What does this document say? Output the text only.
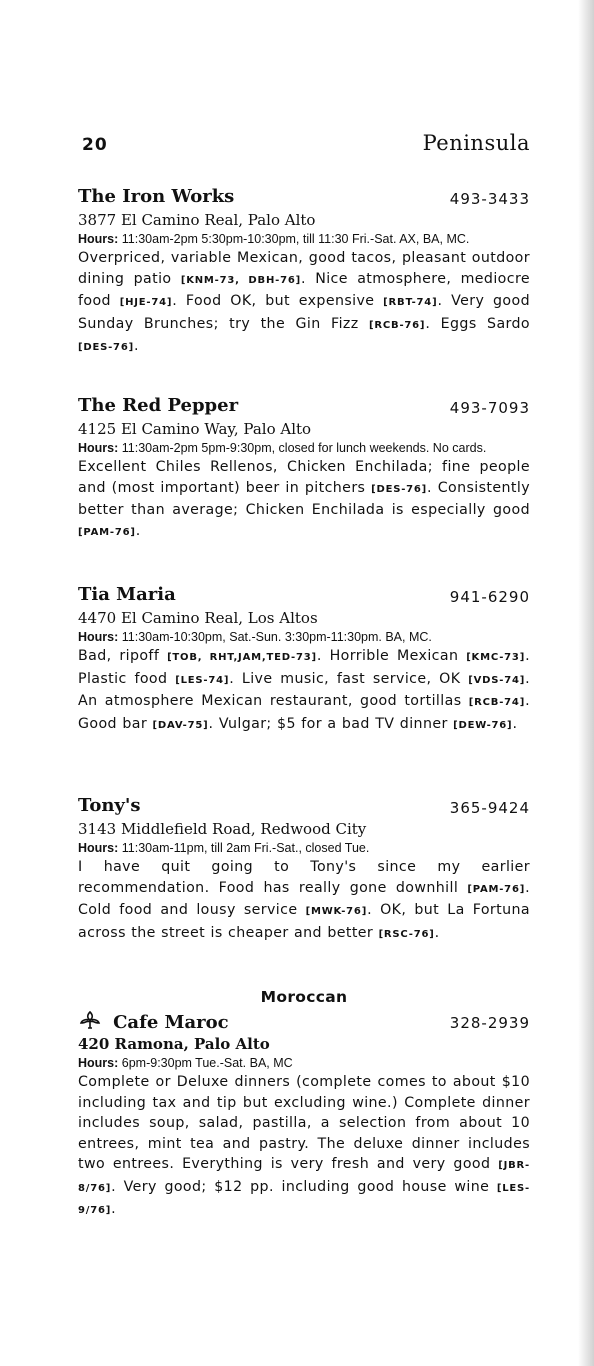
20	Peninsula
The Iron Works	493-3433
3877 El Camino Real, Palo Alto
Hours: 11:30am-2pm 5:30pm-10:30pm, till 11:30 Fri.-Sat. AX, BA, MC.
Overpriced, variable Mexican, good tacos, pleasant outdoor dining patio [KNM-73, DBH-76]. Nice atmosphere, mediocre food [HJE-74]. Food OK, but expensive [RBT-74]. Very good Sunday Brunches; try the Gin Fizz [RCB-76]. Eggs Sardo [DES-76].
The Red Pepper	493-7093
4125 El Camino Way, Palo Alto
Hours: 11:30am-2pm 5pm-9:30pm, closed for lunch weekends. No cards.
Excellent Chiles Rellenos, Chicken Enchilada; fine people and (most important) beer in pitchers [DES-76]. Consistently better than average; Chicken Enchilada is especially good [PAM-76].
Tia Maria	941-6290
4470 El Camino Real, Los Altos
Hours: 11:30am-10:30pm, Sat.-Sun. 3:30pm-11:30pm. BA, MC.
Bad, ripoff [TOB, RHT,JAM,TED-73]. Horrible Mexican [KMC-73]. Plastic food [LES-74]. Live music, fast service, OK [VDS-74]. An atmosphere Mexican restaurant, good tortillas [RCB-74]. Good bar [DAV-75]. Vulgar; $5 for a bad TV dinner [DEW-76].
Tony's	365-9424
3143 Middlefield Road, Redwood City
Hours: 11:30am-11pm, till 2am Fri.-Sat., closed Tue.
I have quit going to Tony's since my earlier recommendation. Food has really gone downhill [PAM-76]. Cold food and lousy service [MWK-76]. OK, but La Fortuna across the street is cheaper and better [RSC-76].
Moroccan
Cafe Maroc	328-2939
420 Ramona, Palo Alto
Hours: 6pm-9:30pm Tue.-Sat. BA, MC
Complete or Deluxe dinners (complete comes to about $10 including tax and tip but excluding wine.) Complete dinner includes soup, salad, pastilla, a selection from about 10 entrees, mint tea and pastry. The deluxe dinner includes two entrees. Everything is very fresh and very good [JBR-8/76]. Very good; $12 pp. including good house wine [LES-9/76].
